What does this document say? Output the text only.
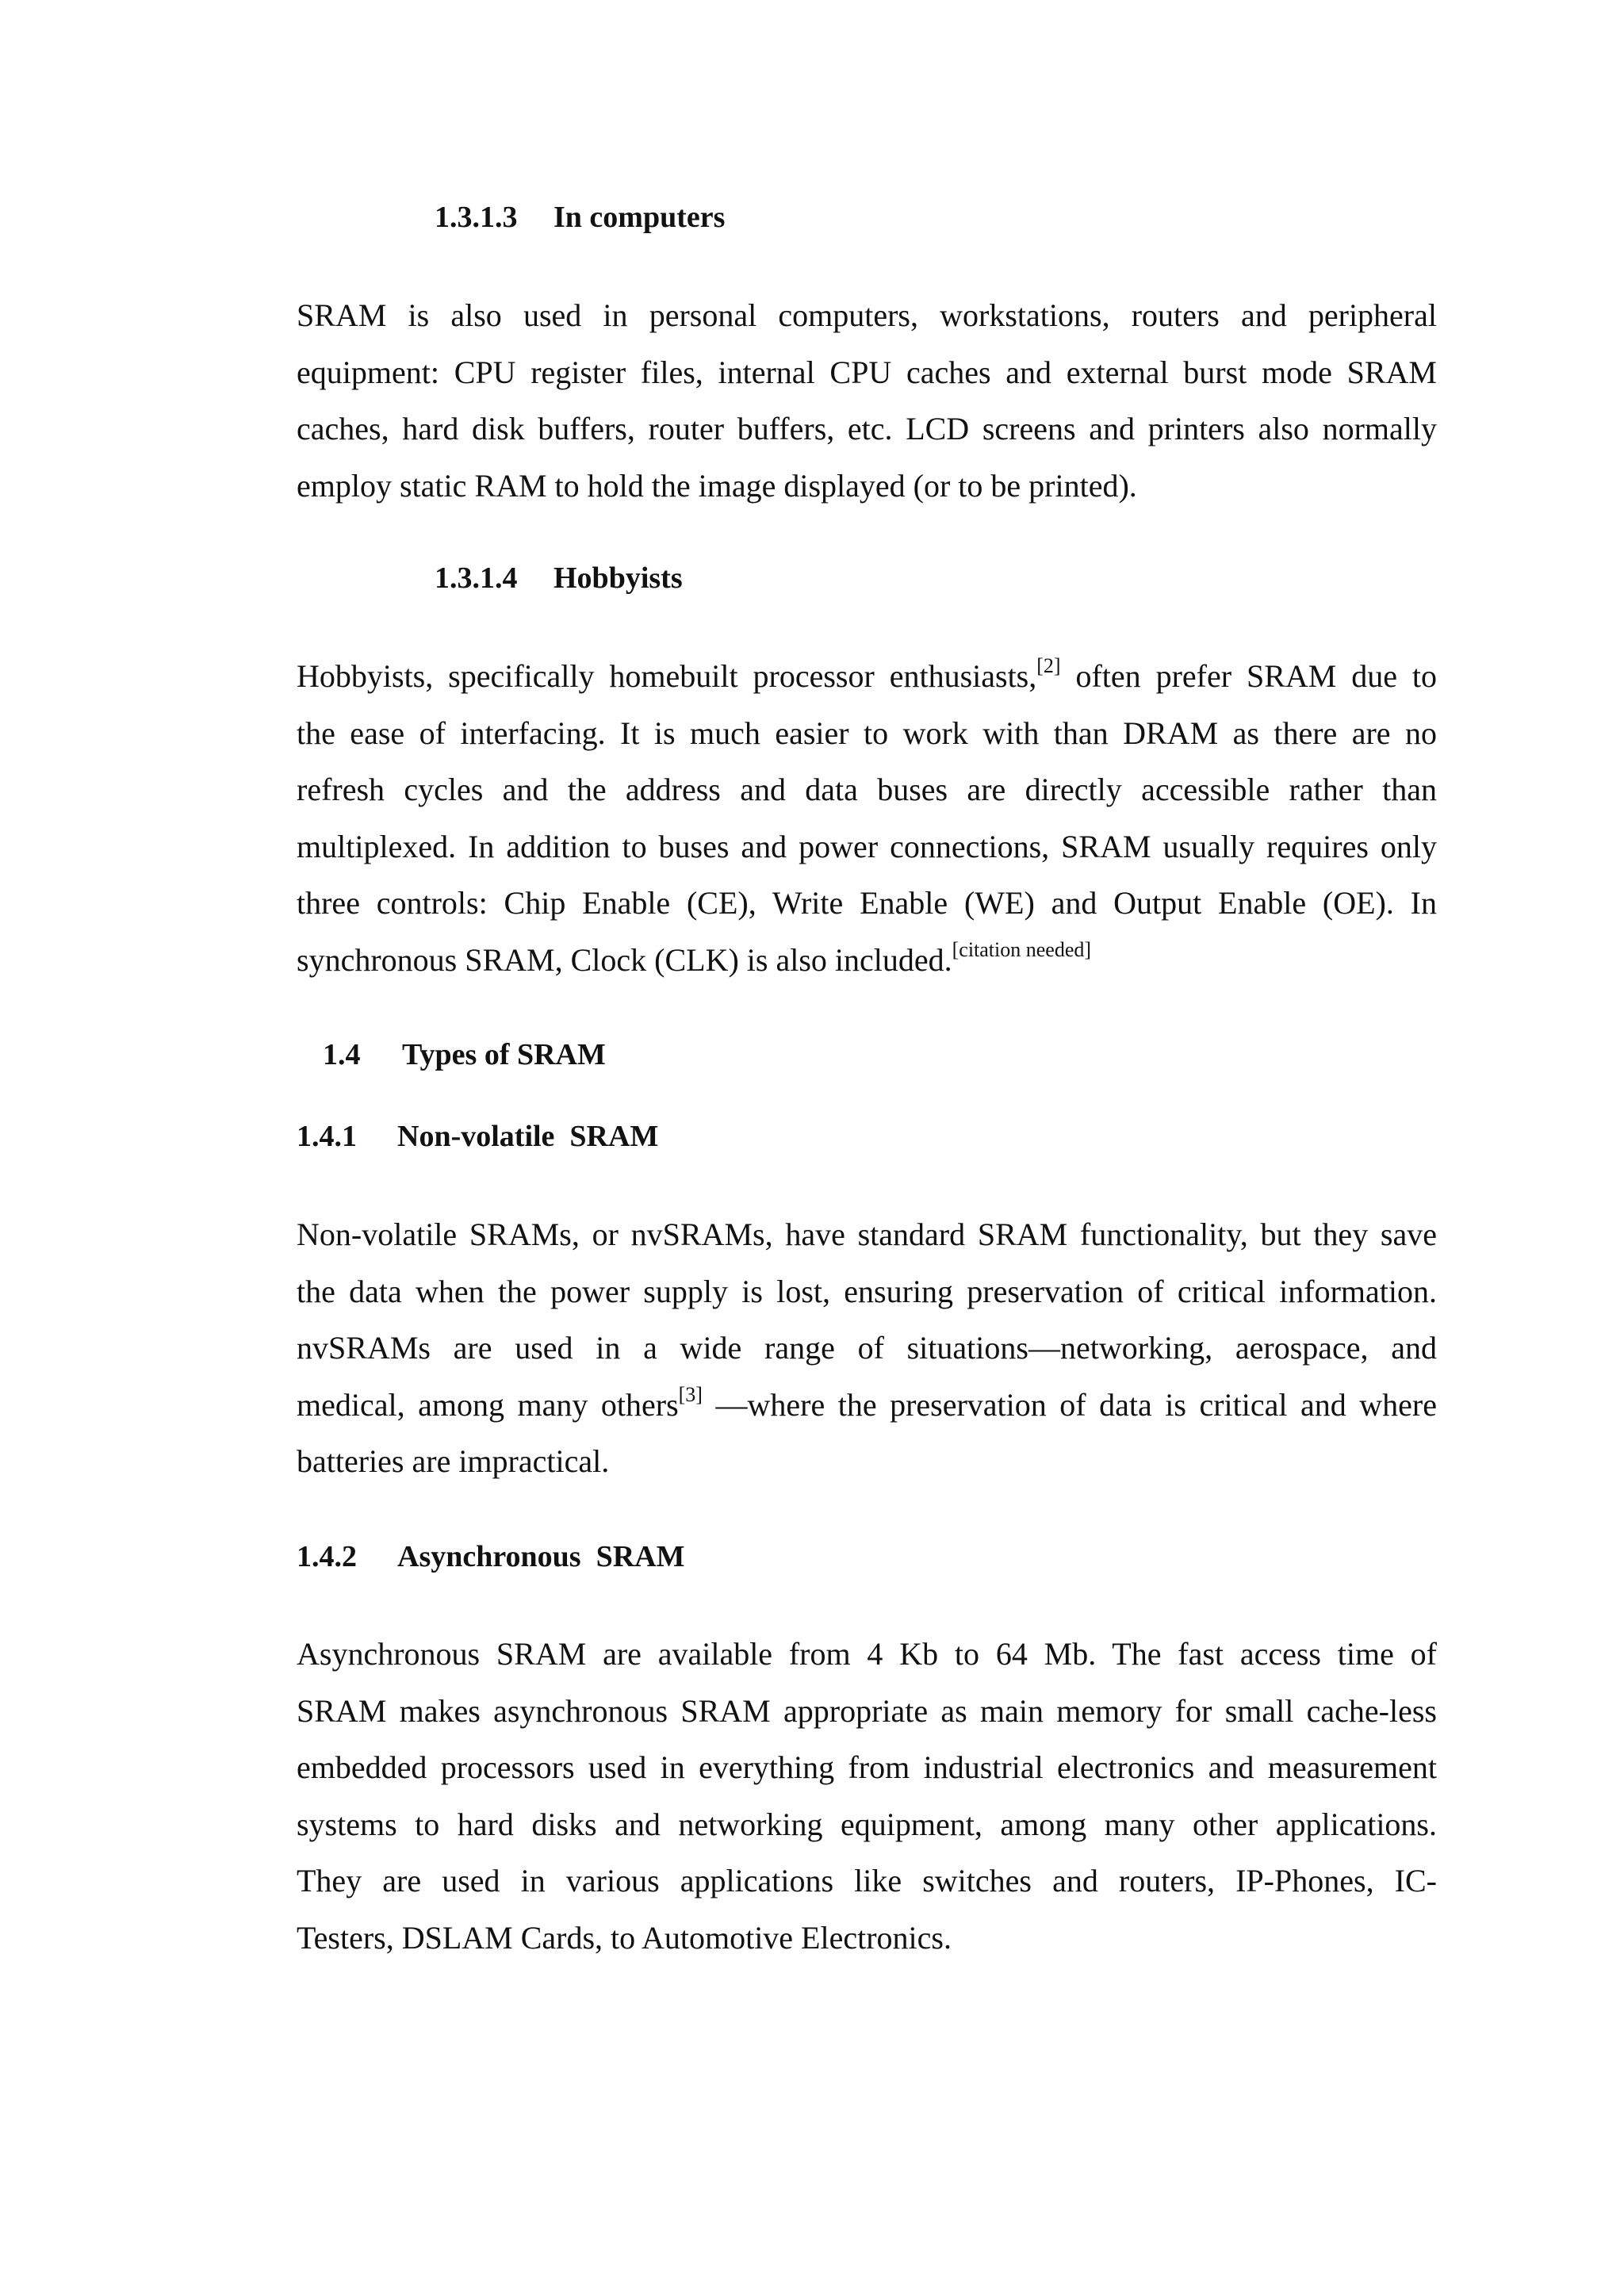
1.3.1.3 In computers
SRAM is also used in personal computers, workstations, routers and peripheral
equipment: CPU register files, internal CPU caches and external burst mode SRAM
caches, hard disk buffers, router buffers, etc. LCD screens and printers also normally
employ static RAM to hold the image displayed (or to be printed).
1.3.1.4 Hobbyists
Hobbyists, specifically homebuilt processor enthusiasts,[2] often prefer SRAM due to
the ease of interfacing. It is much easier to work with than DRAM as there are no
refresh cycles and the address and data buses are directly accessible rather than
multiplexed. In addition to buses and power connections, SRAM usually requires only
three controls: Chip Enable (CE), Write Enable (WE) and Output Enable (OE). In
synchronous SRAM, Clock (CLK) is also included.[citation needed]
1.4 Types of SRAM
1.4.1 Non-volatile  SRAM
Non-volatile SRAMs, or nvSRAMs, have standard SRAM functionality, but they save
the data when the power supply is lost, ensuring preservation of critical information.
nvSRAMs are used in a wide range of situations—networking, aerospace, and
medical, among many others[3] —where the preservation of data is critical and where
batteries are impractical.
1.4.2 Asynchronous  SRAM
Asynchronous SRAM are available from 4 Kb to 64 Mb. The fast access time of
SRAM makes asynchronous SRAM appropriate as main memory for small cache-less
embedded processors used in everything from industrial electronics and measurement
systems to hard disks and networking equipment, among many other applications.
They are used in various applications like switches and routers, IP-Phones, IC-
Testers, DSLAM Cards, to Automotive Electronics.
